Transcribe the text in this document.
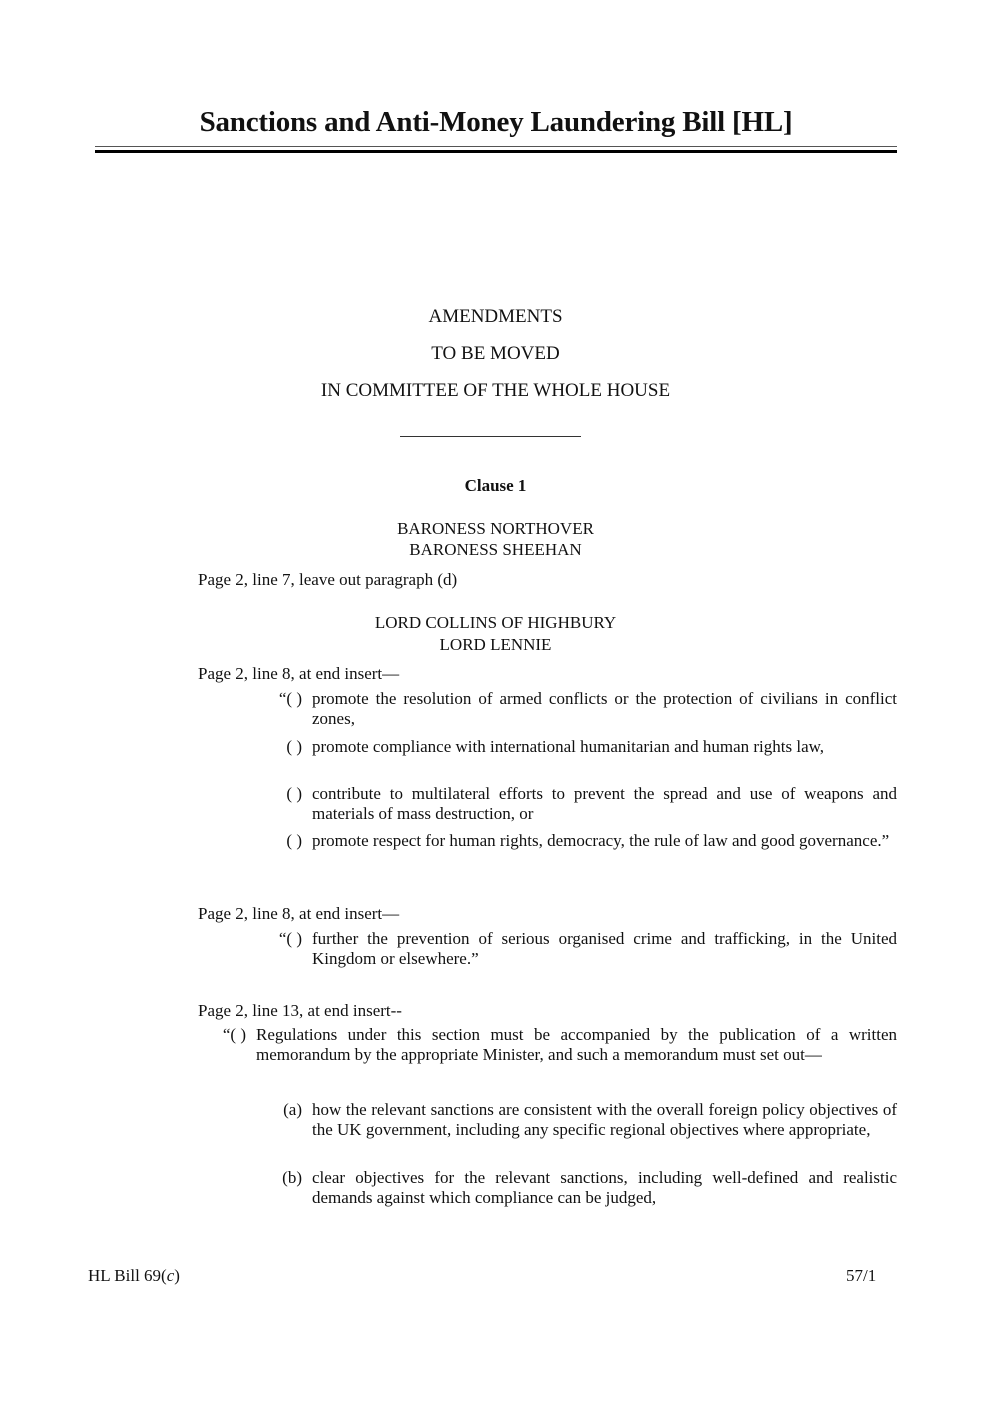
Sanctions and Anti-Money Laundering Bill [HL]
AMENDMENTS
TO BE MOVED
IN COMMITTEE OF THE WHOLE HOUSE
Clause 1
BARONESS NORTHOVER
BARONESS SHEEHAN
Page 2, line 7, leave out paragraph (d)
LORD COLLINS OF HIGHBURY
LORD LENNIE
Page 2, line 8, at end insert—
“( ) promote the resolution of armed conflicts or the protection of civilians in conflict zones,
( ) promote compliance with international humanitarian and human rights law,
( ) contribute to multilateral efforts to prevent the spread and use of weapons and materials of mass destruction, or
( ) promote respect for human rights, democracy, the rule of law and good governance.”
Page 2, line 8, at end insert—
“( ) further the prevention of serious organised crime and trafficking, in the United Kingdom or elsewhere.”
Page 2, line 13, at end insert--
“( ) Regulations under this section must be accompanied by the publication of a written memorandum by the appropriate Minister, and such a memorandum must set out—
(a) how the relevant sanctions are consistent with the overall foreign policy objectives of the UK government, including any specific regional objectives where appropriate,
(b) clear objectives for the relevant sanctions, including well-defined and realistic demands against which compliance can be judged,
HL Bill 69(c)	57/1
